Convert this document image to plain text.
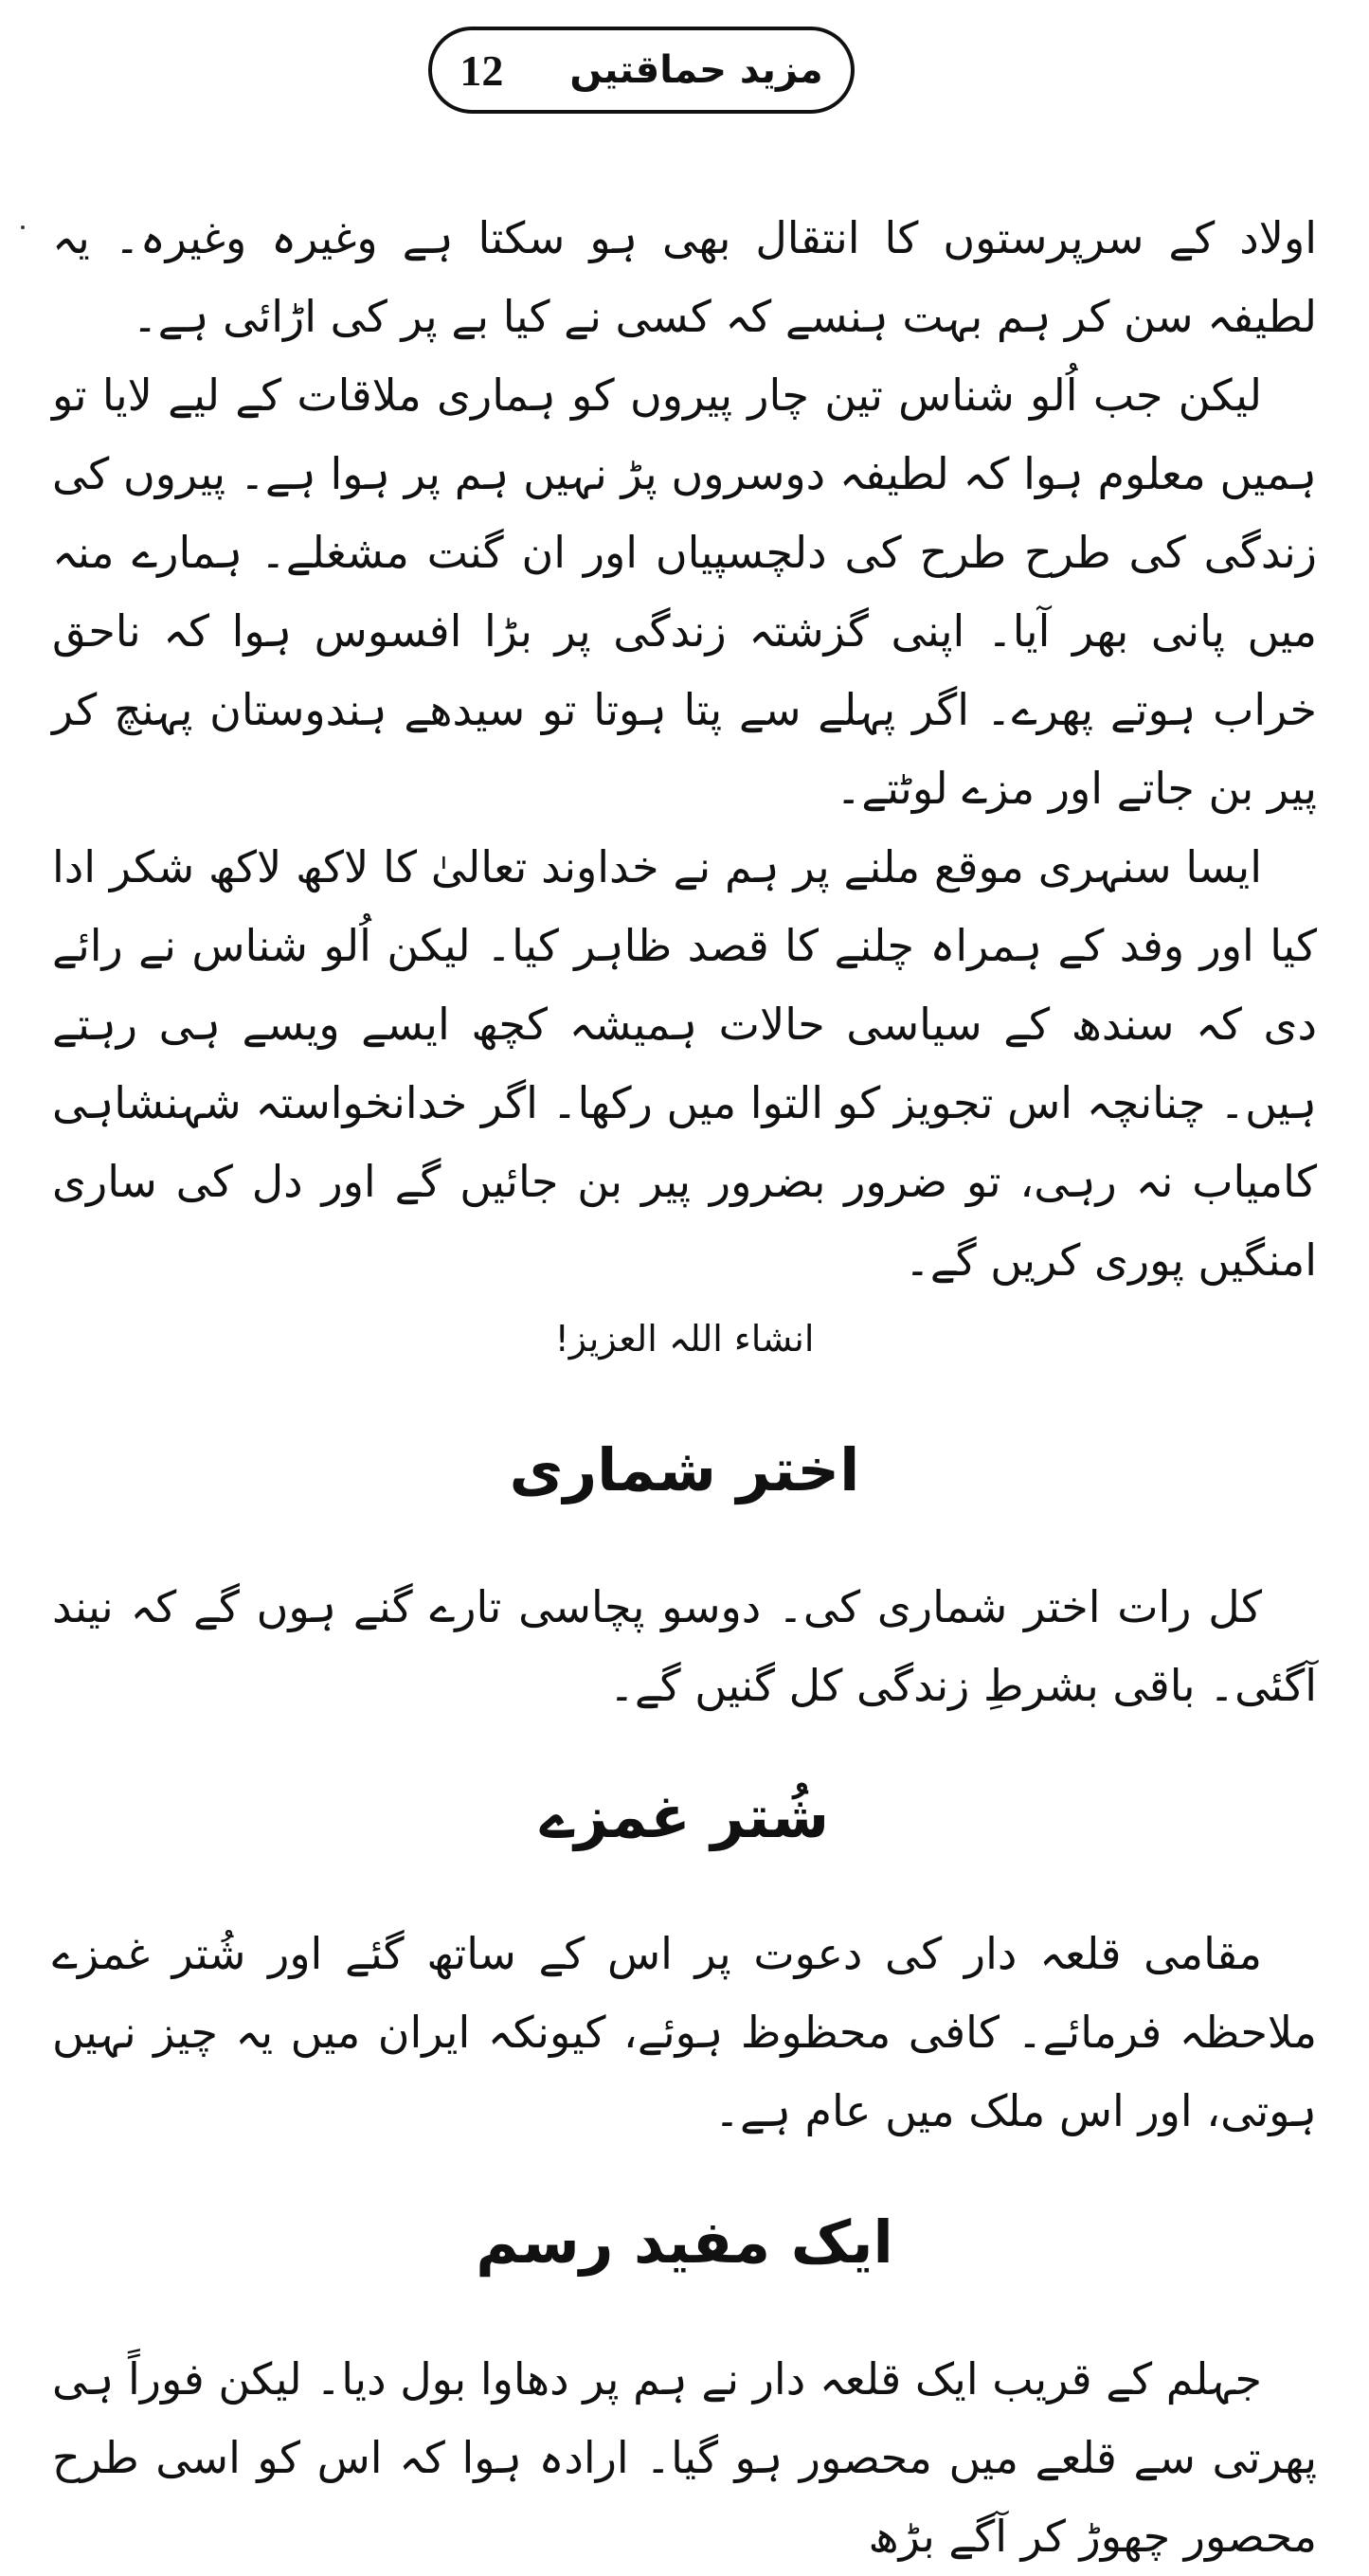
مزید حماقتیں
12

اولاد کے سرپرستوں کا انتقال بھی ہو سکتا ہے وغیرہ وغیرہ۔ یہ لطیفہ سن کر ہم بہت ہنسے کہ کسی نے کیا بے پر کی اڑائی ہے۔

لیکن جب اُلو شناس تین چار پیروں کو ہماری ملاقات کے لیے لایا تو ہمیں معلوم ہوا کہ لطیفہ دوسروں پڑ نہیں ہم پر ہوا ہے۔ پیروں کی زندگی کی طرح طرح کی دلچسپیاں اور ان گنت مشغلے۔ ہمارے منہ میں پانی بھر آیا۔ اپنی گزشتہ زندگی پر بڑا افسوس ہوا کہ ناحق خراب ہوتے پھرے۔ اگر پہلے سے پتا ہوتا تو سیدھے ہندوستان پہنچ کر پیر بن جاتے اور مزے لوٹتے۔

ایسا سنہری موقع ملنے پر ہم نے خداوند تعالیٰ کا لاکھ لاکھ شکر ادا کیا اور وفد کے ہمراہ چلنے کا قصد ظاہر کیا۔ لیکن اُلو شناس نے رائے دی کہ سندھ کے سیاسی حالات ہمیشہ کچھ ایسے ویسے ہی رہتے ہیں۔ چنانچہ اس تجویز کو التوا میں رکھا۔ اگر خدانخواستہ شہنشاہی کامیاب نہ رہی، تو ضرور بضرور پیر بن جائیں گے اور دل کی ساری امنگیں پوری کریں گے۔

انشاء اللہ العزیز!

اختر شماری

کل رات اختر شماری کی۔ دوسو پچاسی تارے گنے ہوں گے کہ نیند آگئی۔ باقی بشرطِ زندگی کل گنیں گے۔

شُتر غمزے

مقامی قلعہ دار کی دعوت پر اس کے ساتھ گئے اور شُتر غمزے ملاحظہ فرمائے۔ کافی محظوظ ہوئے، کیونکہ ایران میں یہ چیز نہیں ہوتی، اور اس ملک میں عام ہے۔

ایک مفید رسم

جہلم کے قریب ایک قلعہ دار نے ہم پر دھاوا بول دیا۔ لیکن فوراً ہی پھرتی سے قلعے میں محصور ہو گیا۔ ارادہ ہوا کہ اس کو اسی طرح محصور چھوڑ کر آگے بڑھ
